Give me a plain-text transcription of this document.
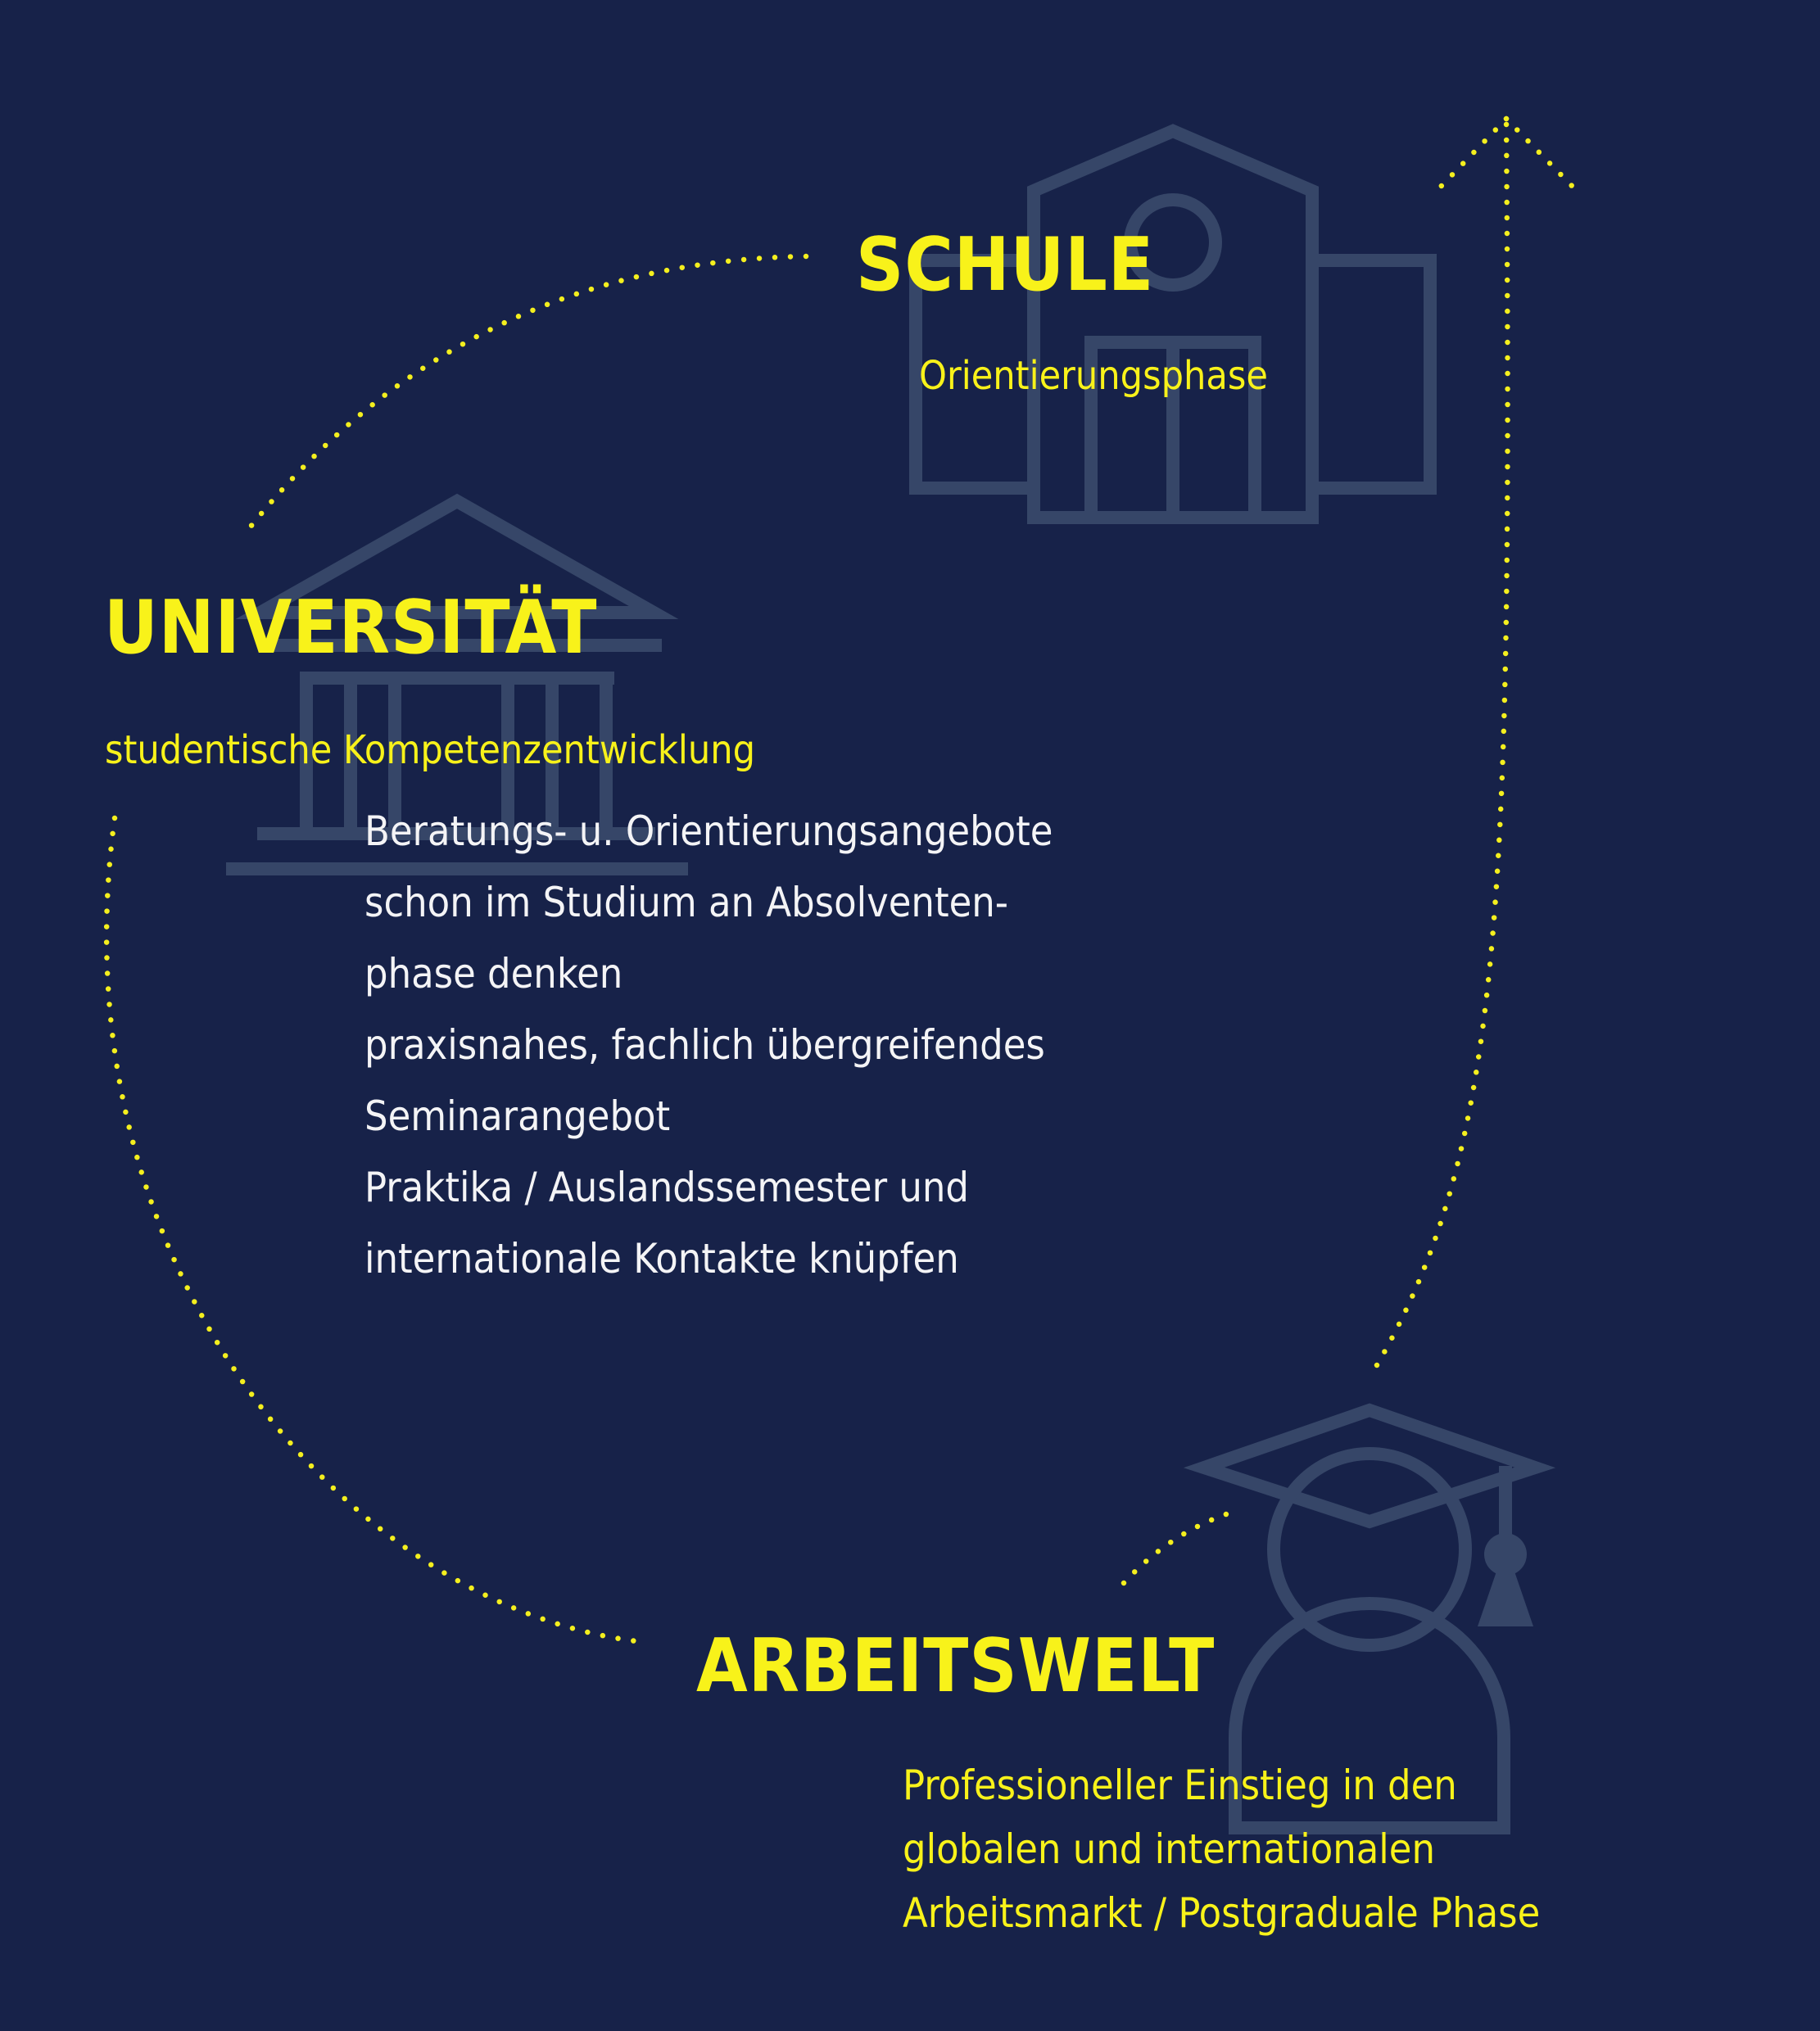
SCHULE
Orientierungsphase
UNIVERSITÄT
studentische Kompetenzentwicklung
Beratungs- u. Orientierungsangebote
schon im Studium an Absolventen-
phase denken
praxisnahes, fachlich übergreifendes
Seminarangebot
Praktika / Auslandssemester und
internationale Kontakte knüpfen
ARBEITSWELT
Professioneller Einstieg in den
globalen und internationalen
Arbeitsmarkt / Postgraduale Phase
